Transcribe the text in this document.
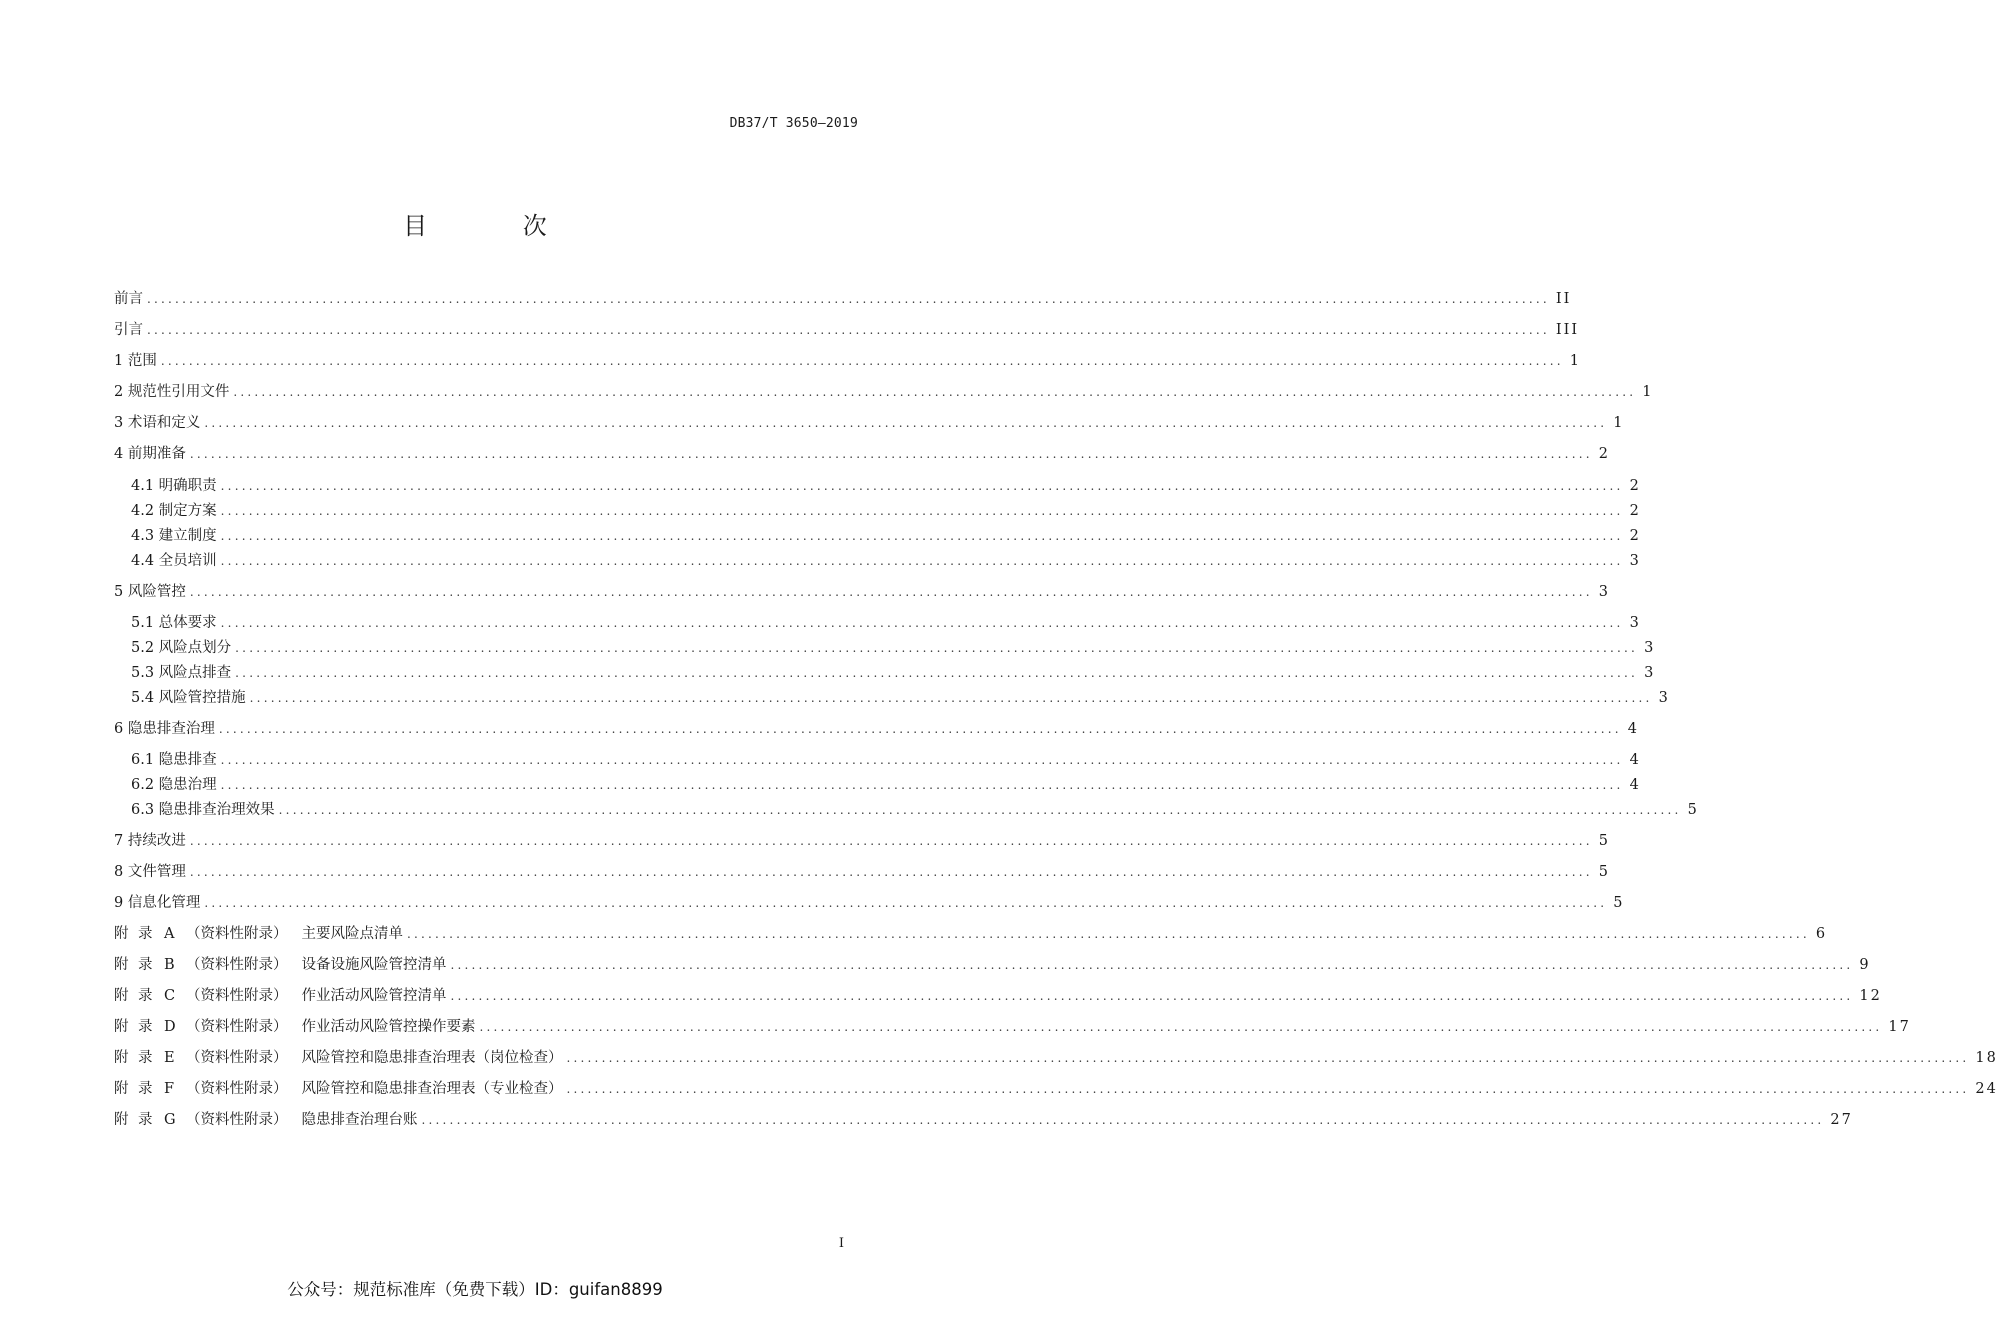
DB37/T 3650—2019
目 次
前言 ........................................................................................................................................................................................................ II
引言 ........................................................................................................................................................................................................ III
1 范围 ........................................................................................................................................................................................................ 1
2 规范性引用文件 ........................................................................................................................................................................................................ 1
3 术语和定义 ........................................................................................................................................................................................................ 1
4 前期准备 ........................................................................................................................................................................................................ 2
4.1 明确职责 ........................................................................................................................................................................................................ 2
4.2 制定方案 ........................................................................................................................................................................................................ 2
4.3 建立制度 ........................................................................................................................................................................................................ 2
4.4 全员培训 ........................................................................................................................................................................................................ 3
5 风险管控 ........................................................................................................................................................................................................ 3
5.1 总体要求 ........................................................................................................................................................................................................ 3
5.2 风险点划分 ........................................................................................................................................................................................................ 3
5.3 风险点排查 ........................................................................................................................................................................................................ 3
5.4 风险管控措施 ........................................................................................................................................................................................................ 3
6 隐患排查治理 ........................................................................................................................................................................................................ 4
6.1 隐患排查 ........................................................................................................................................................................................................ 4
6.2 隐患治理 ........................................................................................................................................................................................................ 4
6.3 隐患排查治理效果 ........................................................................................................................................................................................................ 5
7 持续改进 ........................................................................................................................................................................................................ 5
8 文件管理 ........................................................................................................................................................................................................ 5
9 信息化管理 ........................................................................................................................................................................................................ 5
附 录 A （资料性附录） 主要风险点清单 ........................................................................................................................................................................................................ 6
附 录 B （资料性附录） 设备设施风险管控清单 ........................................................................................................................................................................................................ 9
附 录 C （资料性附录） 作业活动风险管控清单 ........................................................................................................................................................................................................ 12
附 录 D （资料性附录） 作业活动风险管控操作要素 ........................................................................................................................................................................................................ 17
附 录 E （资料性附录） 风险管控和隐患排查治理表（岗位检查） ........................................................................................................................................................................................................ 18
附 录 F （资料性附录） 风险管控和隐患排查治理表（专业检查） ........................................................................................................................................................................................................ 24
附 录 G （资料性附录） 隐患排查治理台账 ........................................................................................................................................................................................................ 27
I
公众号：规范标准库（免费下载）ID：guifan8899
